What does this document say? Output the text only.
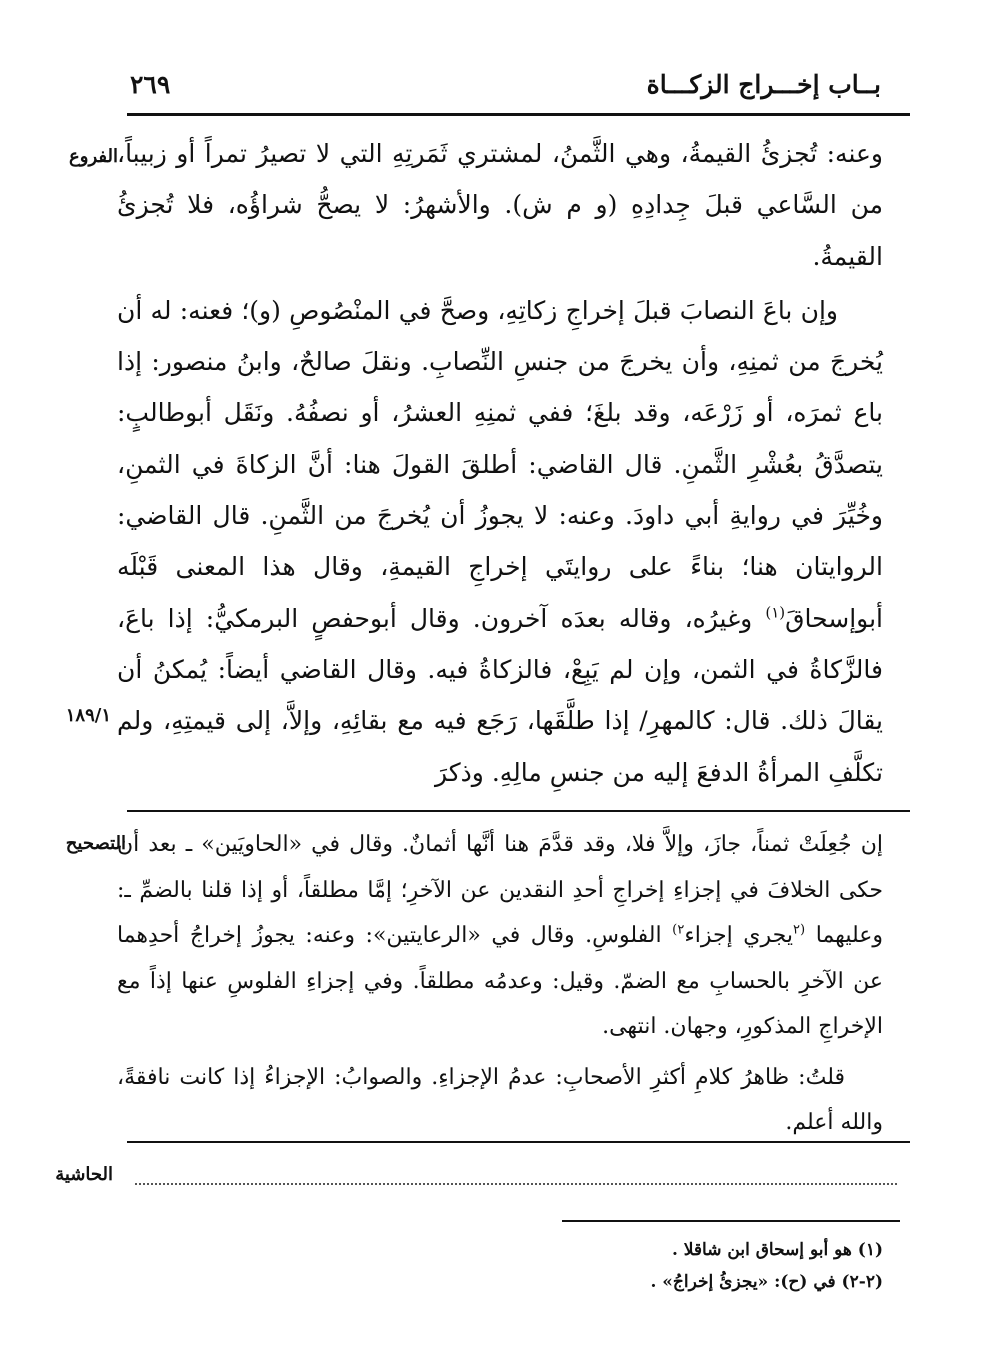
بــاب إخـــراج الزكـــاة
٢٦٩
الفروع
١٨٩/١
التصحيح
الحاشية

وعنه: تُجزئُ القيمةُ، وهي الثَّمنُ، لمشتري ثَمَرتِهِ التي لا تصيرُ تمراً أو زبيباً، من السَّاعي قبلَ جِدادِهِ (و م ش). والأشهرُ: لا يصحُّ شراؤُه، فلا تُجزئُ القيمةُ.

وإن باعَ النصابَ قبلَ إخراجِ زكاتِهِ، وصحَّ في المنْصُوصِ (و)؛ فعنه: له أن يُخرجَ من ثمنِهِ، وأن يخرجَ من جنسِ النِّصابِ. ونقلَ صالحٌ، وابنُ منصور: إذا باع ثمرَه، أو زَرْعَه، وقد بلغَ؛ ففي ثمنِهِ العشرُ، أو نصفُهُ. ونَقَل أبوطالبٍ: يتصدَّقُ بعُشْرِ الثَّمنِ. قال القاضي: أطلقَ القولَ هنا: أنَّ الزكاةَ في الثمنِ، وخُيِّرَ في روايةِ أبي داودَ. وعنه: لا يجوزُ أن يُخرجَ من الثَّمنِ. قال القاضي: الروايتان هنا؛ بناءً على روايتَي إخراجِ القيمةِ، وقال هذا المعنى قَبْلَه أبوإسحاقَ$^{(١)}$ وغيرُه، وقاله بعدَه آخرون. وقال أبوحفصٍ البرمكيُّ: إذا باعَ، فالزَّكاةُ في الثمن، وإن لم يَبِعْ، فالزكاةُ فيه. وقال القاضي أيضاً: يُمكنُ أن يقالَ ذلك. قال: كالمهرِ/ إذا طلَّقَها، رَجَع فيه مع بقائِهِ، وإلاَّ، إلى قيمتِهِ، ولم تكلَّفِ المرأةُ الدفعَ إليه من جنسِ مالِهِ. وذكرَ

إن جُعِلَتْ ثمناً، جازَ، وإلاَّ فلا، وقد قدَّمَ هنا أنَّها أثمانٌ. وقال في «الحاويَين» ـ بعد أن حكى الخلافَ في إجزاءِ إخراجِ أحدِ النقدين عن الآخرِ؛ إمَّا مطلقاً، أو إذا قلنا بالضمِّ ـ: وعليهما $^{(٢}$يجري إجزاء$^{٢)}$ الفلوسِ. وقال في «الرعايتين»: وعنه: يجوزُ إخراجُ أحدِهما عن الآخرِ بالحسابِ مع الضمّ. وقيل: وعدمُه مطلقاً. وفي إجزاءِ الفلوسِ عنها إذاً مع الإخراجِ المذكورِ، وجهان. انتهى.

قلتُ: ظاهرُ كلامِ أكثرِ الأصحابِ: عدمُ الإجزاءِ. والصوابُ: الإجزاءُ إذا كانت نافقةً، والله أعلم.

(١) هو أبو إسحاق ابن شاقلا .
(٢-٢) في (ح): «يجزئُ إخراجُ» .
